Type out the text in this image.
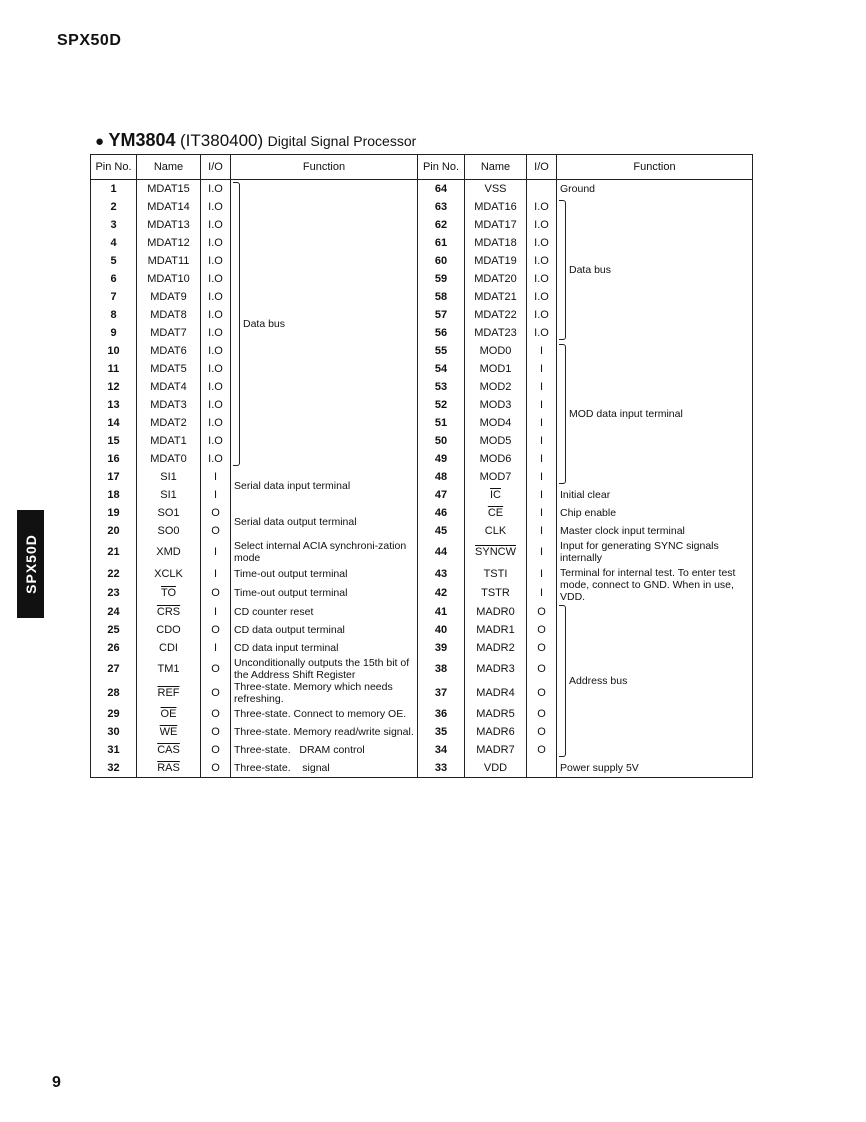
SPX50D
SPX50D
9
● YM3804 (IT380400) Digital Signal Processor
Pin No.	Name	I/O	Function	Pin No.	Name	I/O	Function
1	MDAT15	I.O	Data bus	64	VSS		Ground
2	MDAT14	I.O		63	MDAT16	I.O	Data bus

3	MDAT13	I.O		62	MDAT17	I.O	
4	MDAT12	I.O		61	MDAT18	I.O	
5	MDAT11	I.O		60	MDAT19	I.O	
6	MDAT10	I.O		59	MDAT20	I.O	
7	MDAT9	I.O		58	MDAT21	I.O	
8	MDAT8	I.O		57	MDAT22	I.O	
9	MDAT7	I.O		56	MDAT23	I.O	
10	MDAT6	I.O		55	MOD0	I	MOD data input terminal

11	MDAT5	I.O		54	MOD1	I	
12	MDAT4	I.O		53	MOD2	I	
13	MDAT3	I.O		52	MOD3	I	
14	MDAT2	I.O		51	MOD4	I	
15	MDAT1	I.O		50	MOD5	I	
16	MDAT0	I.O		49	MOD6	I	
17	SI1	I	Serial data input terminal	48	MOD7	I	
18	SI1	I		47	$\overline{IC}$	I	Initial clear
19	SO1	O	Serial data output terminal	46	$\overline{CE}$	I	Chip enable
20	SO0	O		45	CLK	I	Master clock input terminal
21	XMD	I	Select internal ACIA synchroni-zation mode	44	SYNCW	I	Input for generating SYNC signals internally
22	XCLK	I	Time-out output terminal	43	TSTI	I	Terminal for internal test. To enter test mode, connect to GND. When in use, VDD.
23	$\overline{TO}$	O	Time-out output terminal	42	TSTR	I	
24	$\overline{CRS}$	I	CD counter reset	41	MADR0	O	Address bus

25	CDO	O	CD data output terminal	40	MADR1	O	
26	CDI	I	CD data input terminal	39	MADR2	O	
27	TM1	O	Unconditionally outputs the 15th bit of the Address Shift Register	38	MADR3	O	
28	$\overline{REF}$	O	Three-state. Memory which needs refreshing.	37	MADR4	O	
29	$\overline{OE}$	O	Three-state. Connect to memory OE.	36	MADR5	O	
30	$\overline{WE}$	O	Three-state. Memory read/write signal.	35	MADR6	O	
31	$\overline{CAS}$	O	Three-state. DRAM control	34	MADR7	O	
32	$\overline{RAS}$	O	Three-state. signal	33	VDD		Power supply 5V
